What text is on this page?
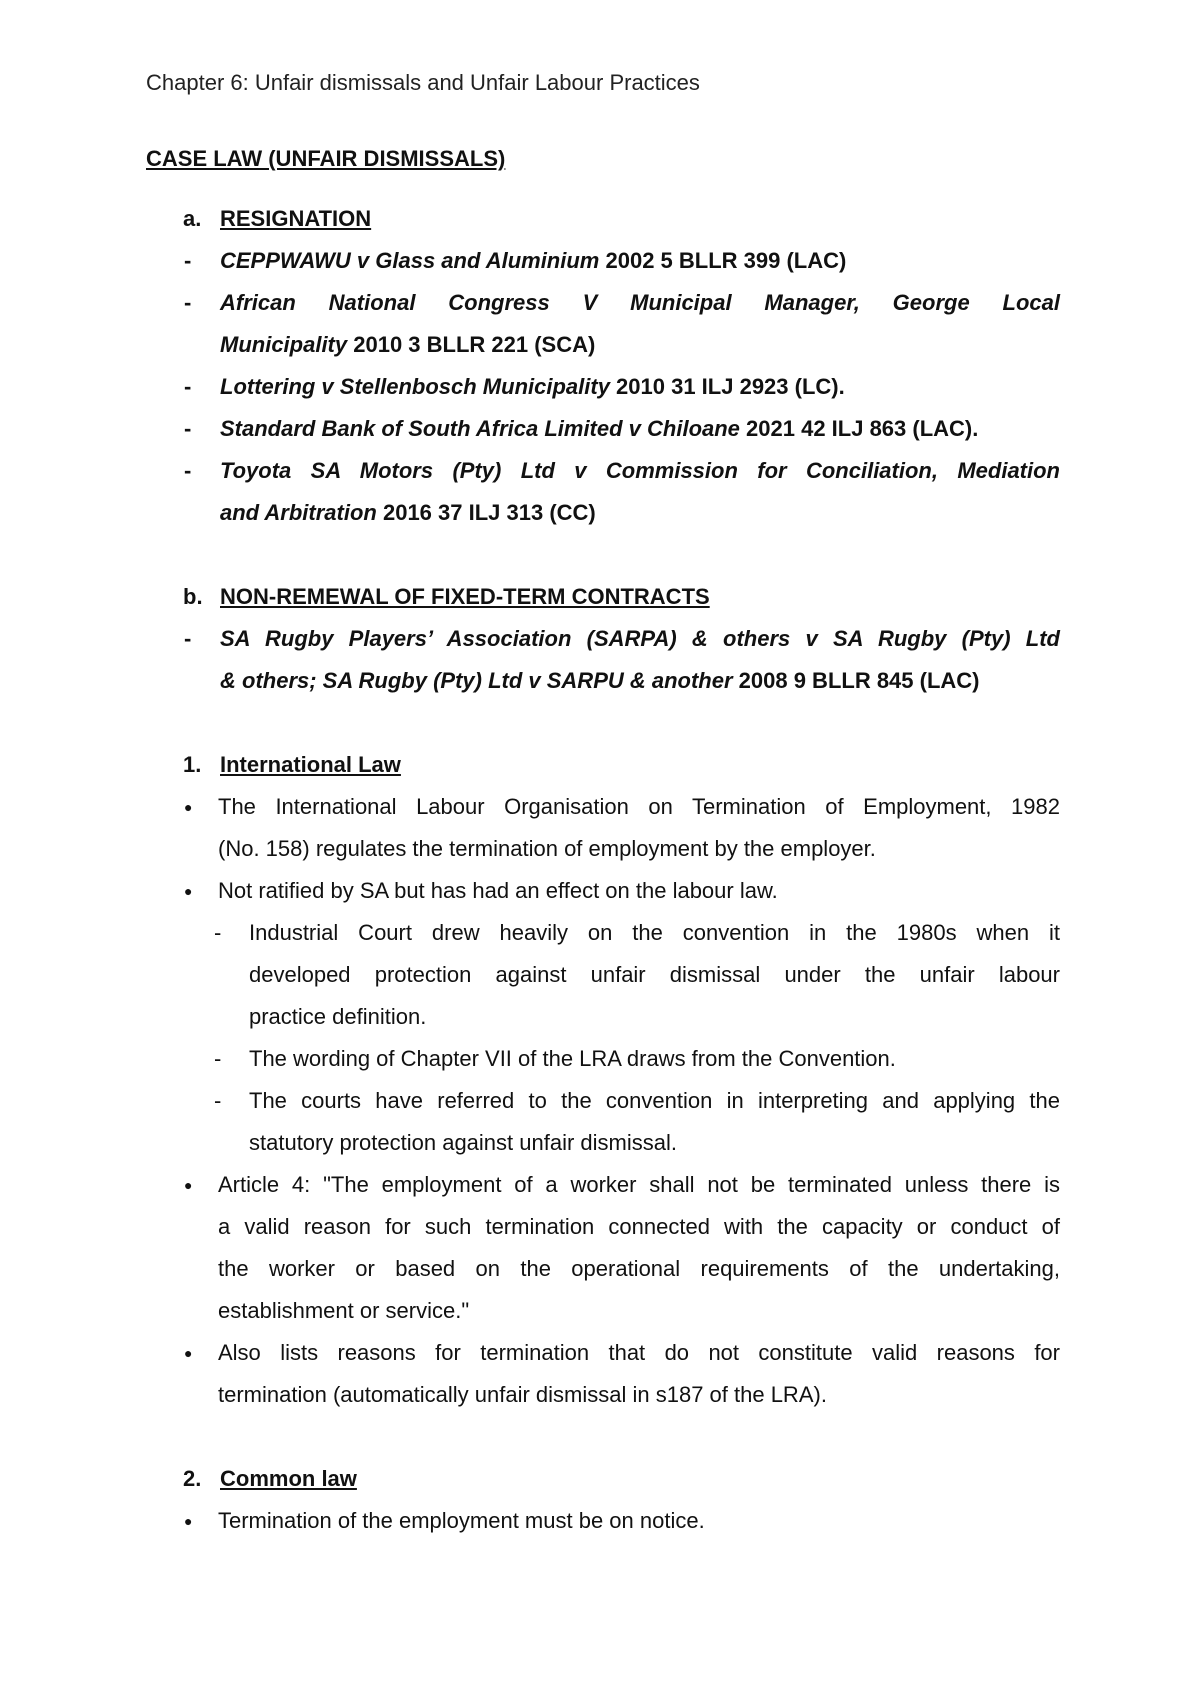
Chapter 6: Unfair dismissals and Unfair Labour Practices
CASE LAW (UNFAIR DISMISSALS)
a. RESIGNATION
- CEPPWAWU v Glass and Aluminium 2002 5 BLLR 399 (LAC)
- African National Congress V Municipal Manager, George Local
Municipality 2010 3 BLLR 221 (SCA)
- Lottering v Stellenbosch Municipality 2010 31 ILJ 2923 (LC).
- Standard Bank of South Africa Limited v Chiloane 2021 42 ILJ 863 (LAC).
- Toyota SA Motors (Pty) Ltd v Commission for Conciliation, Mediation
and Arbitration 2016 37 ILJ 313 (CC)
b. NON-REMEWAL OF FIXED-TERM CONTRACTS
- SA Rugby Players’ Association (SARPA) & others v SA Rugby (Pty) Ltd
& others; SA Rugby (Pty) Ltd v SARPU & another 2008 9 BLLR 845 (LAC)
1. International Law
● The International Labour Organisation on Termination of Employment, 1982
(No. 158) regulates the termination of employment by the employer.
● Not ratified by SA but has had an effect on the labour law.
- Industrial Court drew heavily on the convention in the 1980s when it
developed protection against unfair dismissal under the unfair labour
practice definition.
- The wording of Chapter VII of the LRA draws from the Convention.
- The courts have referred to the convention in interpreting and applying the
statutory protection against unfair dismissal.
● Article 4: "The employment of a worker shall not be terminated unless there is
a valid reason for such termination connected with the capacity or conduct of
the worker or based on the operational requirements of the undertaking,
establishment or service."
● Also lists reasons for termination that do not constitute valid reasons for
termination (automatically unfair dismissal in s187 of the LRA).
2. Common law
● Termination of the employment must be on notice.
